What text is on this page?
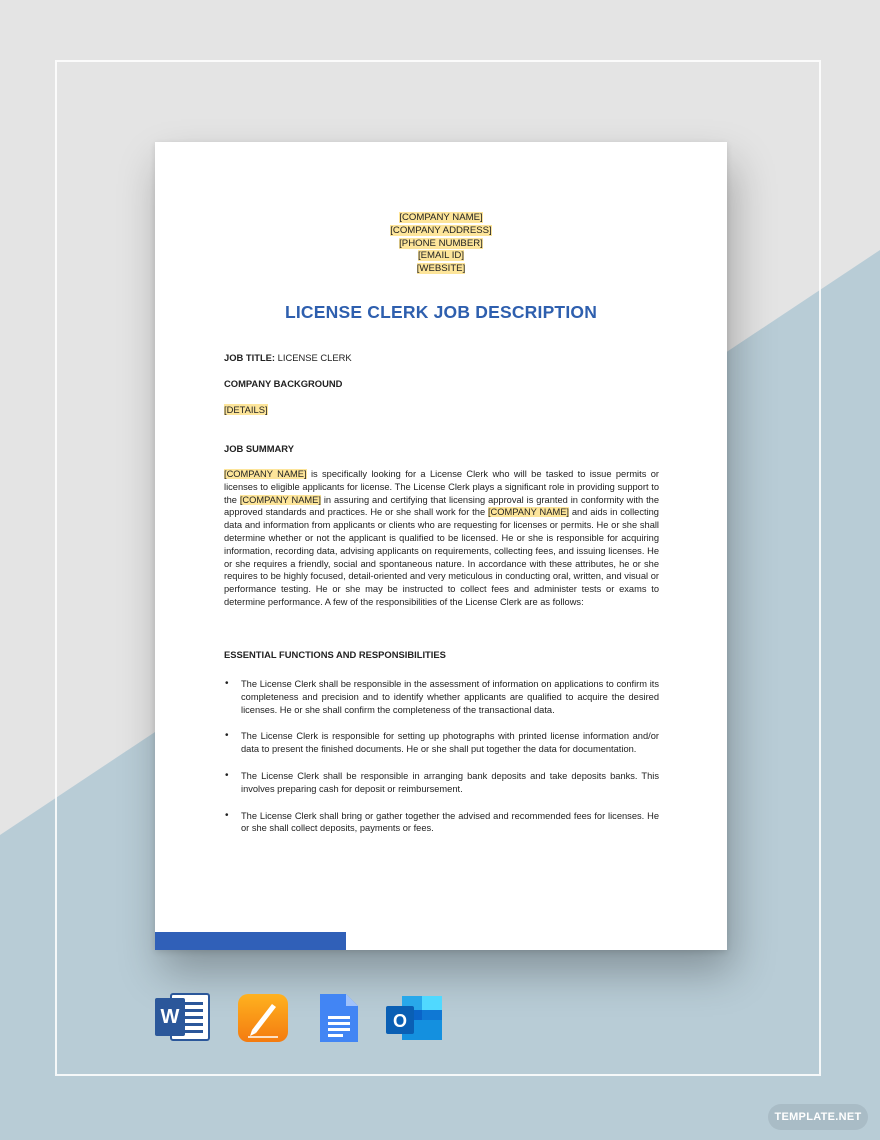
[COMPANY NAME]
[COMPANY ADDRESS]
[PHONE NUMBER]
[EMAIL ID]
[WEBSITE]
LICENSE CLERK JOB DESCRIPTION
JOB TITLE: LICENSE CLERK
COMPANY BACKGROUND
[DETAILS]
JOB SUMMARY

[COMPANY NAME] is specifically looking for a License Clerk who will be tasked to issue permits or licenses to eligible applicants for license. The License Clerk plays a significant role in providing support to the [COMPANY NAME] in assuring and certifying that licensing approval is granted in conformity with the approved standards and practices. He or she shall work for the [COMPANY NAME] and aids in collecting data and information from applicants or clients who are requesting for licenses or permits. He or she shall determine whether or not the applicant is qualified to be licensed. He or she is responsible for acquiring information, recording data, advising applicants on requirements, collecting fees, and issuing licenses. He or she requires a friendly, social and spontaneous nature. In accordance with these attributes, he or she requires to be highly focused, detail-oriented and very meticulous in conducting oral, written, and visual or performance testing. He or she may be instructed to collect fees and administer tests or exams to determine performance. A few of the responsibilities of the License Clerk are as follows:

ESSENTIAL FUNCTIONS AND RESPONSIBILITIES
• The License Clerk shall be responsible in the assessment of information on applications to confirm its completeness and precision and to identify whether applicants are qualified to acquire the desired licenses. He or she shall confirm the completeness of the transactional data.
• The License Clerk is responsible for setting up photographs with printed license information and/or data to present the finished documents. He or she shall put together the data for documentation.
• The License Clerk shall be responsible in arranging bank deposits and take deposits banks. This involves preparing cash for deposit or reimbursement.
• The License Clerk shall bring or gather together the advised and recommended fees for licenses. He or she shall collect deposits, payments or fees.
W	O
TEMPLATE.NET
